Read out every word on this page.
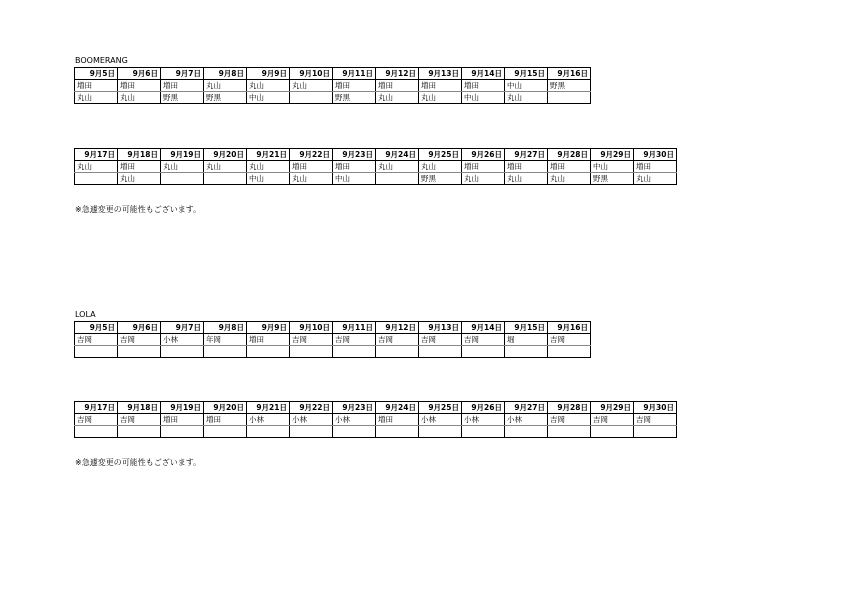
BOOMERANG
9月5日	9月6日	9月7日	9月8日	9月9日	9月10日	9月11日	9月12日	9月13日	9月14日	9月15日	9月16日
増田	増田	増田	丸山	丸山	丸山	増田	増田	増田	増田	中山	野黒
丸山	丸山	野黒	野黒	中山		野黒	丸山	丸山	中山	丸山	
9月17日	9月18日	9月19日	9月20日	9月21日	9月22日	9月23日	9月24日	9月25日	9月26日	9月27日	9月28日	9月29日	9月30日
丸山	増田	丸山	丸山	丸山	増田	増田	丸山	丸山	増田	増田	増田	中山	増田
	丸山			中山	丸山	中山		野黒	丸山	丸山	丸山	野黒	丸山
※急遽変更の可能性もございます。
LOLA
9月5日	9月6日	9月7日	9月8日	9月9日	9月10日	9月11日	9月12日	9月13日	9月14日	9月15日	9月16日
吉岡	吉岡	小林	年岡	増田	吉岡	吉岡	吉岡	吉岡	吉岡	堀	吉岡

9月17日	9月18日	9月19日	9月20日	9月21日	9月22日	9月23日	9月24日	9月25日	9月26日	9月27日	9月28日	9月29日	9月30日
吉岡	吉岡	増田	増田	小林	小林	小林	増田	小林	小林	小林	吉岡	吉岡	吉岡

※急遽変更の可能性もございます。
